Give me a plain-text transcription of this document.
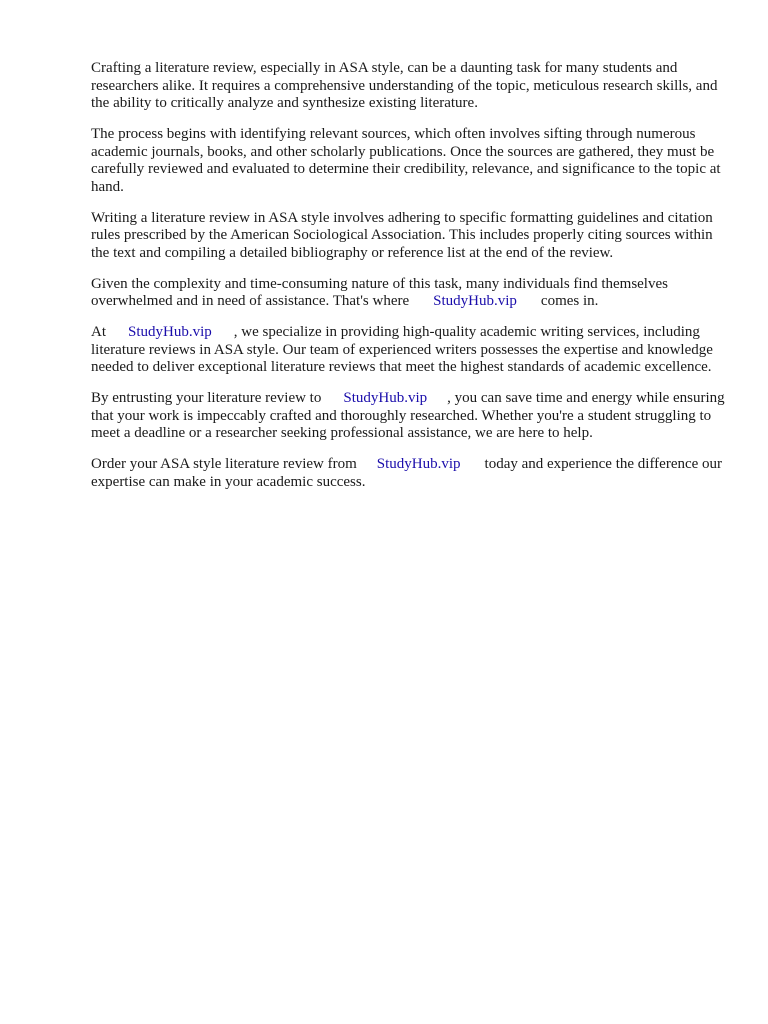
Crafting a literature review, especially in ASA style, can be a daunting task for many students and researchers alike. It requires a comprehensive understanding of the topic, meticulous research skills, and the ability to critically analyze and synthesize existing literature.

The process begins with identifying relevant sources, which often involves sifting through numerous academic journals, books, and other scholarly publications. Once the sources are gathered, they must be carefully reviewed and evaluated to determine their credibility, relevance, and significance to the topic at hand.

Writing a literature review in ASA style involves adhering to specific formatting guidelines and citation rules prescribed by the American Sociological Association. This includes properly citing sources within the text and compiling a detailed bibliography or reference list at the end of the review.

Given the complexity and time-consuming nature of this task, many individuals find themselves overwhelmed and in need of assistance. That's where StudyHub.vip comes in.

At StudyHub.vip , we specialize in providing high-quality academic writing services, including literature reviews in ASA style. Our team of experienced writers possesses the expertise and knowledge needed to deliver exceptional literature reviews that meet the highest standards of academic excellence.

By entrusting your literature review to StudyHub.vip , you can save time and energy while ensuring that your work is impeccably crafted and thoroughly researched. Whether you're a student struggling to meet a deadline or a researcher seeking professional assistance, we are here to help.

Order your ASA style literature review from StudyHub.vip today and experience the difference our expertise can make in your academic success.
